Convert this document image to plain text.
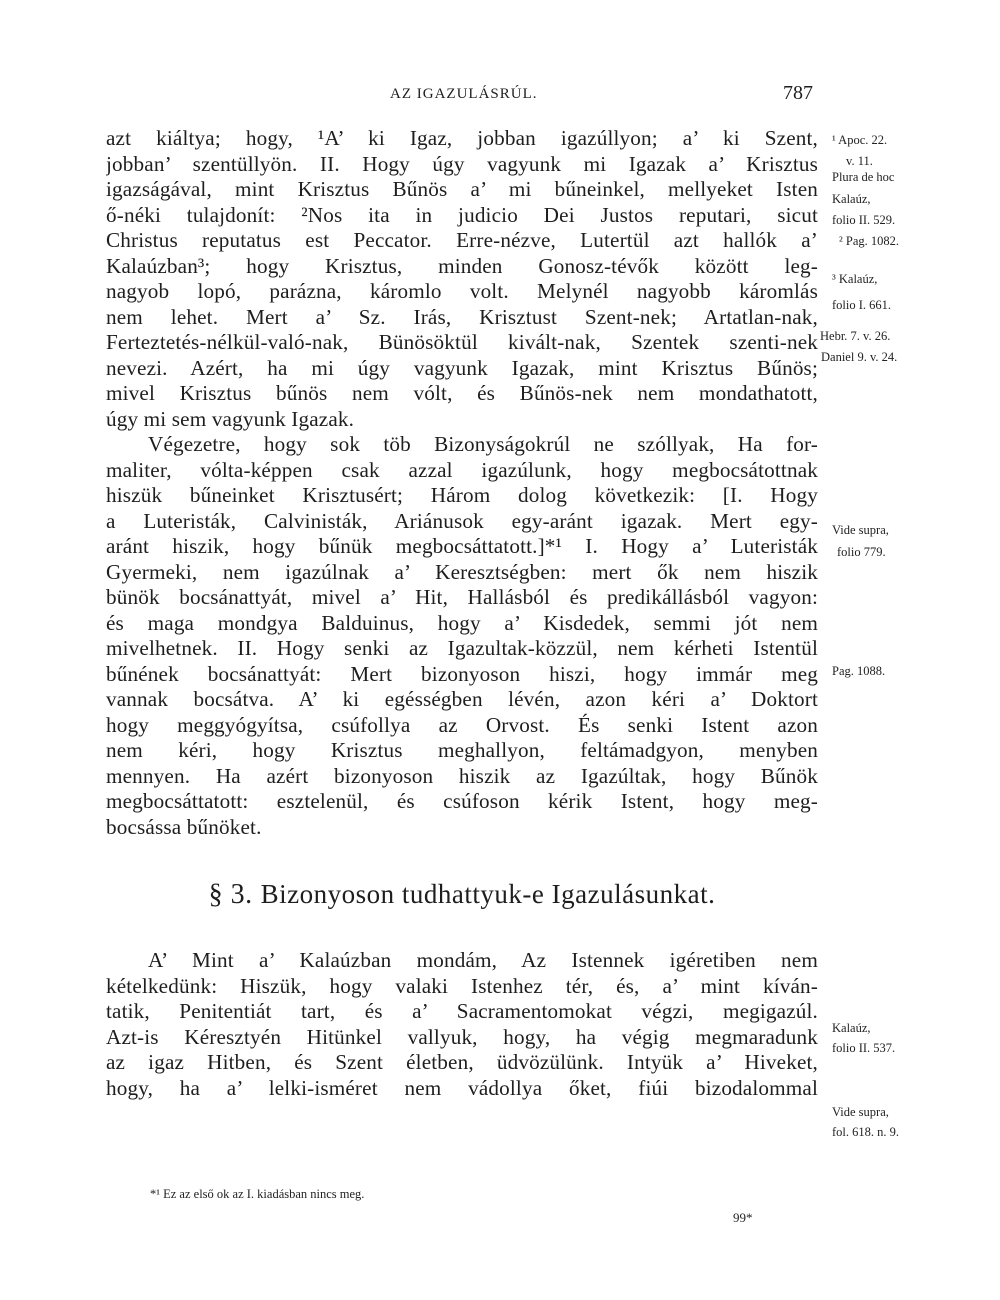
AZ IGAZULÁSRÚL.	787
azt kiáltya; hogy, ¹A’ ki Igaz, jobban igazúllyon; a’ ki Szent,
jobban’ szentüllyön. II. Hogy úgy vagyunk mi Igazak a’ Krisztus
igazságával, mint Krisztus Bűnös a’ mi bűneinkel, mellyeket Isten
ő-néki tulajdonít: ²Nos ita in judicio Dei Justos reputari, sicut
Christus reputatus est Peccator. Erre-nézve, Lutertül azt hallók a’
Kalaúzban³; hogy Krisztus, minden Gonosz-tévők között leg-
nagyob lopó, parázna, káromlo volt. Melynél nagyobb káromlás
nem lehet. Mert a’ Sz. Irás, Krisztust Szent-nek; Artatlan-nak,
Ferteztetés-nélkül-való-nak, Bünösöktül kivált-nak, Szentek szenti-nek
nevezi. Azért, ha mi úgy vagyunk Igazak, mint Krisztus Bűnös;
mivel Krisztus bűnös nem vólt, és Bűnös-nek nem mondathatott,
úgy mi sem vagyunk Igazak.
Végezetre, hogy sok töb Bizonyságokrúl ne szóllyak, Ha for-
maliter, vólta-képpen csak azzal igazúlunk, hogy megbocsátottnak
hiszük bűneinket Krisztusért; Három dolog következik: [I. Hogy
a Luteristák, Calvinisták, Ariánusok egy-aránt igazak. Mert egy-
aránt hiszik, hogy bűnük megbocsáttatott.]*¹ I. Hogy a’ Luteristák
Gyermeki, nem igazúlnak a’ Keresztségben: mert ők nem hiszik
bünök bocsánattyát, mivel a’ Hit, Hallásból és predikállásból vagyon:
és maga mondgya Balduinus, hogy a’ Kisdedek, semmi jót nem
mivelhetnek. II. Hogy senki az Igazultak-közzül, nem kérheti Istentül
bűnének bocsánattyát: Mert bizonyoson hiszi, hogy immár meg
vannak bocsátva. A’ ki egésségben lévén, azon kéri a’ Doktort
hogy meggyógyítsa, csúfollya az Orvost. És senki Istent azon
nem kéri, hogy Krisztus meghallyon, feltámadgyon, menyben
mennyen. Ha azért bizonyoson hiszik az Igazúltak, hogy Bűnök
megbocsáttatott: esztelenül, és csúfoson kérik Istent, hogy meg-
bocsássa bűnöket.
§ 3. Bizonyoson tudhattyuk-e Igazulásunkat.
A’ Mint a’ Kalaúzban mondám, Az Istennek igéretiben nem
kételkedünk: Hiszük, hogy valaki Istenhez tér, és, a’ mint kíván-
tatik, Penitentiát tart, és a’ Sacramentomokat végzi, megigazúl.
Azt-is Kéresztyén Hitünkel vallyuk, hogy, ha végig megmaradunk
az igaz Hitben, és Szent életben, üdvözülünk. Intyük a’ Hiveket,
hogy, ha a’ lelki-isméret nem vádollya őket, fiúi bizodalommal
¹ Apoc. 22.
v. 11.
Plura de hoc
Kalaúz,
folio II. 529.
² Pag. 1082.
³ Kalaúz,
folio I. 661.
Hebr. 7. v. 26.
Daniel 9. v. 24.
Vide supra,
folio 779.
Pag. 1088.
Kalaúz,
folio II. 537.
Vide supra,
fol. 618. n. 9.
*¹ Ez az első ok az I. kiadásban nincs meg.
99*
